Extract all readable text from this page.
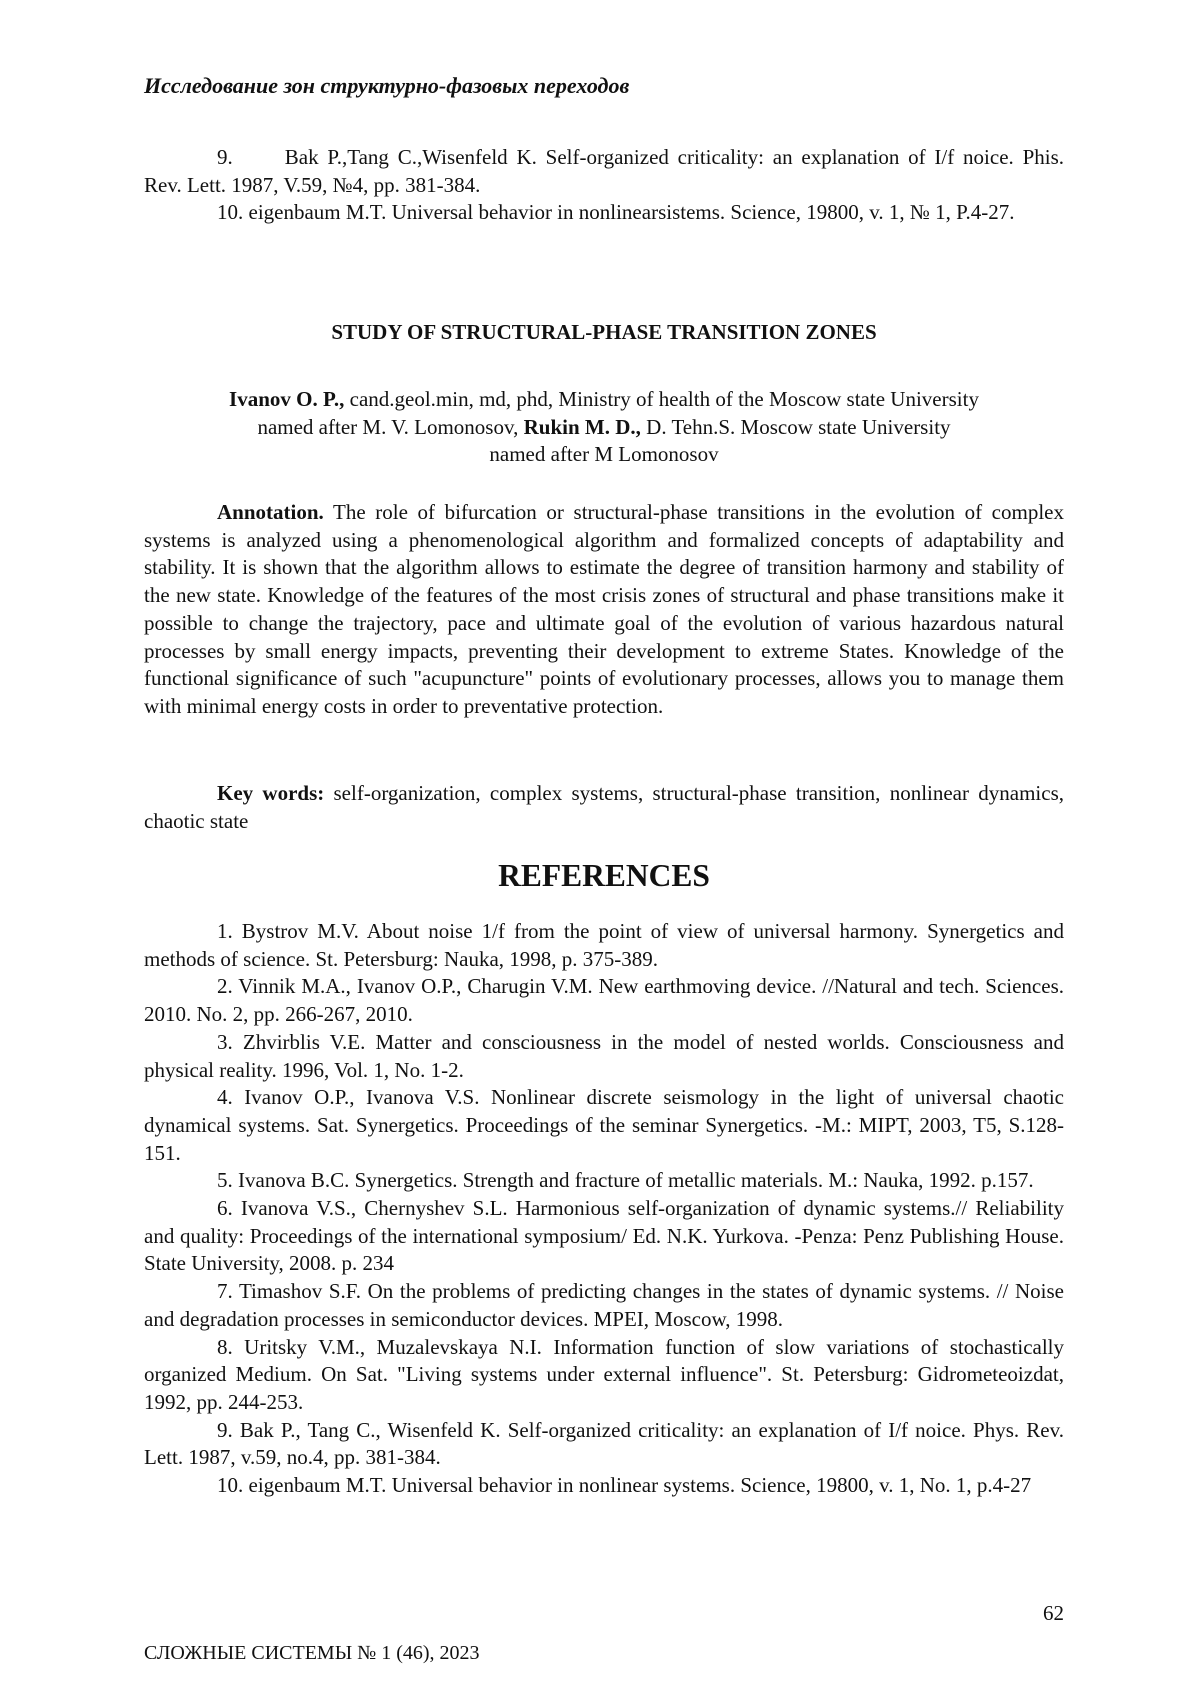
Исследование зон структурно-фазовых переходов

9. Bak P.,Tang C.,Wisenfeld K. Self-organized criticality: an explanation of I/f noice. Phis. Rev. Lett. 1987, V.59, №4, pp. 381-384.

10. eigenbaum M.T. Universal behavior in nonlinearsistems. Science, 19800, v. 1, № 1, P.4-27.

STUDY OF STRUCTURAL-PHASE TRANSITION ZONES

Ivanov O. P., cand.geol.min, md, phd, Ministry of health of the Moscow state University

named after M. V. Lomonosov, Rukin M. D., D. Tehn.S. Moscow state University

named after M Lomonosov

Annotation. The role of bifurcation or structural-phase transitions in the evolution of complex systems is analyzed using a phenomenological algorithm and formalized concepts of adaptability and stability. It is shown that the algorithm allows to estimate the degree of transition harmony and stability of the new state. Knowledge of the features of the most crisis zones of structural and phase transitions make it possible to change the trajectory, pace and ultimate goal of the evolution of various hazardous natural processes by small energy impacts, preventing their development to extreme States. Knowledge of the functional significance of such "acupuncture" points of evolutionary processes, allows you to manage them with minimal energy costs in order to preventative protection.

Key words: self-organization, complex systems, structural-phase transition, nonlinear dynamics, chaotic state

REFERENCES

1. Bystrov M.V. About noise 1/f from the point of view of universal harmony. Synergetics and methods of science. St. Petersburg: Nauka, 1998, p. 375-389.

2. Vinnik M.A., Ivanov O.P., Charugin V.M. New earthmoving device. //Natural and tech. Sciences. 2010. No. 2, pp. 266-267, 2010.

3. Zhvirblis V.E. Matter and consciousness in the model of nested worlds. Consciousness and physical reality. 1996, Vol. 1, No. 1-2.

4. Ivanov O.P., Ivanova V.S. Nonlinear discrete seismology in the light of universal chaotic dynamical systems. Sat. Synergetics. Proceedings of the seminar Synergetics. -M.: MIPT, 2003, T5, S.128-151.

5. Ivanova B.C. Synergetics. Strength and fracture of metallic materials. M.: Nauka, 1992. p.157.

6. Ivanova V.S., Chernyshev S.L. Harmonious self-organization of dynamic systems.// Reliability and quality: Proceedings of the international symposium/ Ed. N.K. Yurkova. -Penza: Penz Publishing House. State University, 2008. p. 234

7. Timashov S.F. On the problems of predicting changes in the states of dynamic systems. // Noise and degradation processes in semiconductor devices. MPEI, Moscow, 1998.

8. Uritsky V.M., Muzalevskaya N.I. Information function of slow variations of stochastically organized Medium. On Sat. "Living systems under external influence". St. Petersburg: Gidrometeoizdat, 1992, pp. 244-253.

9. Bak P., Tang C., Wisenfeld K. Self-organized criticality: an explanation of I/f noice. Phys. Rev. Lett. 1987, v.59, no.4, pp. 381-384.

10. eigenbaum M.T. Universal behavior in nonlinear systems. Science, 19800, v. 1, No. 1, p.4-27

62

СЛОЖНЫЕ СИСТЕМЫ № 1 (46), 2023
